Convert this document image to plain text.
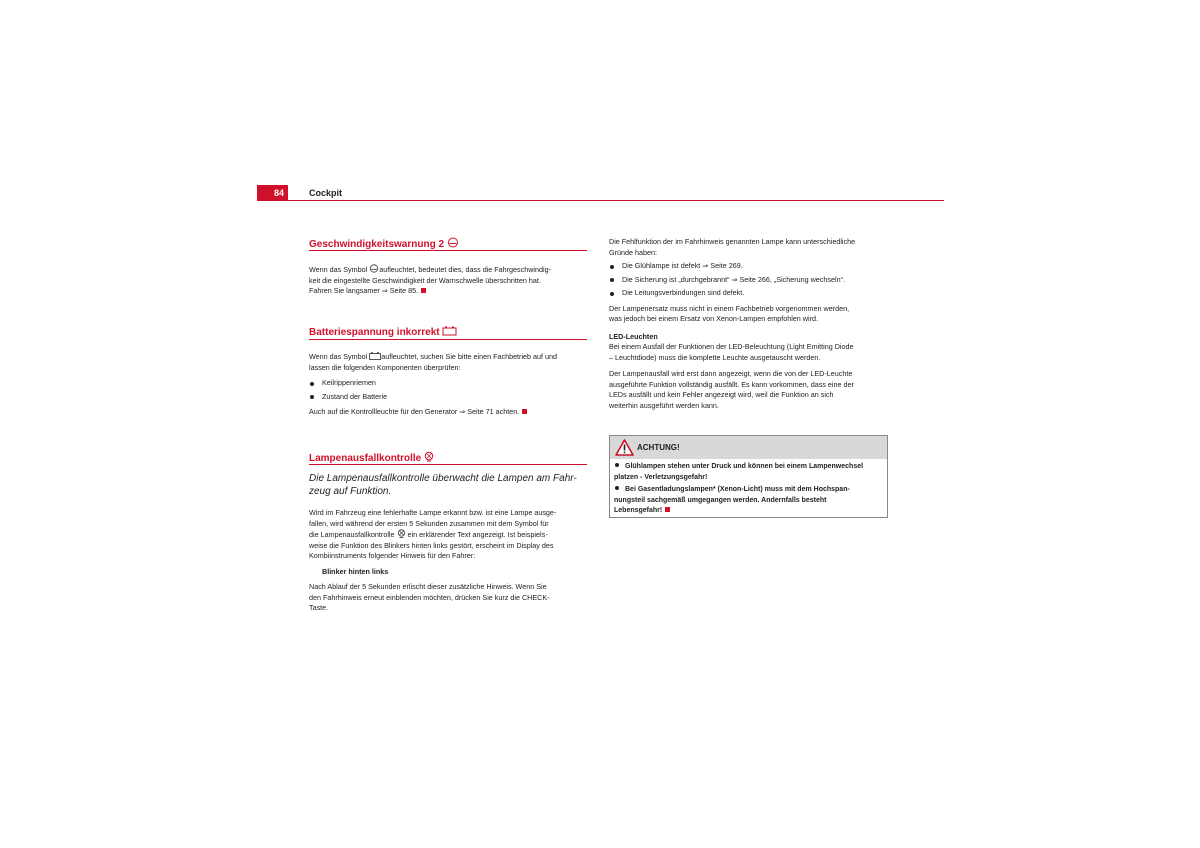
84	Cockpit
Geschwindigkeitswarnung 2

Wenn das Symbol aufleuchtet, bedeutet dies, dass die Fahrgeschwindig-

keit die eingestellte Geschwindigkeit der Warnschwelle überschritten hat.

Fahren Sie langsamer ⇒ Seite 85.

Batteriespannung inkorrekt

Wenn das Symbol aufleuchtet, suchen Sie bitte einen Fachbetrieb auf und

lassen die folgenden Komponenten überprüfen:

Keilrippenriemen

Zustand der Batterie

Auch auf die Kontrollleuchte für den Generator ⇒ Seite 71 achten.

Lampenausfallkontrolle
Die Lampenausfallkontrolle überwacht die Lampen am Fahr-
zeug auf Funktion.

Wird im Fahrzeug eine fehlerhafte Lampe erkannt bzw. ist eine Lampe ausge-

fallen, wird während der ersten 5 Sekunden zusammen mit dem Symbol für

die Lampenausfallkontrolle ein erklärender Text angezeigt. Ist beispiels-

weise die Funktion des Blinkers hinten links gestört, erscheint im Display des

Kombiinstruments folgender Hinweis für den Fahrer:

Blinker hinten links

Nach Ablauf der 5 Sekunden erlischt dieser zusätzliche Hinweis. Wenn Sie

den Fahrhinweis erneut einblenden möchten, drücken Sie kurz die CHECK-

Taste.

Die Fehlfunktion der im Fahrhinweis genannten Lampe kann unterschiedliche

Gründe haben:

Die Glühlampe ist defekt ⇒ Seite 269.

Die Sicherung ist „durchgebrannt“ ⇒ Seite 266, „Sicherung wechseln“.

Die Leitungsverbindungen sind defekt.

Der Lampenersatz muss nicht in einem Fachbetrieb vorgenommen werden,

was jedoch bei einem Ersatz von Xenon-Lampen empfohlen wird.

LED-Leuchten

Bei einem Ausfall der Funktionen der LED-Beleuchtung (Light Emitting Diode

– Leuchtdiode) muss die komplette Leuchte ausgetauscht werden.

Der Lampenausfall wird erst dann angezeigt, wenn die von der LED-Leuchte

ausgeführte Funktion vollständig ausfällt. Es kann vorkommen, dass eine der

LEDs ausfällt und kein Fehler angezeigt wird, weil die Funktion an sich

weiterhin ausgeführt werden kann.

ACHTUNG!
Glühlampen stehen unter Druck und können bei einem Lampenwechsel
platzen - Verletzungsgefahr!
Bei Gasentladungslampen* (Xenon-Licht) muss mit dem Hochspan-
nungsteil sachgemäß umgegangen werden. Andernfalls besteht
Lebensgefahr!
